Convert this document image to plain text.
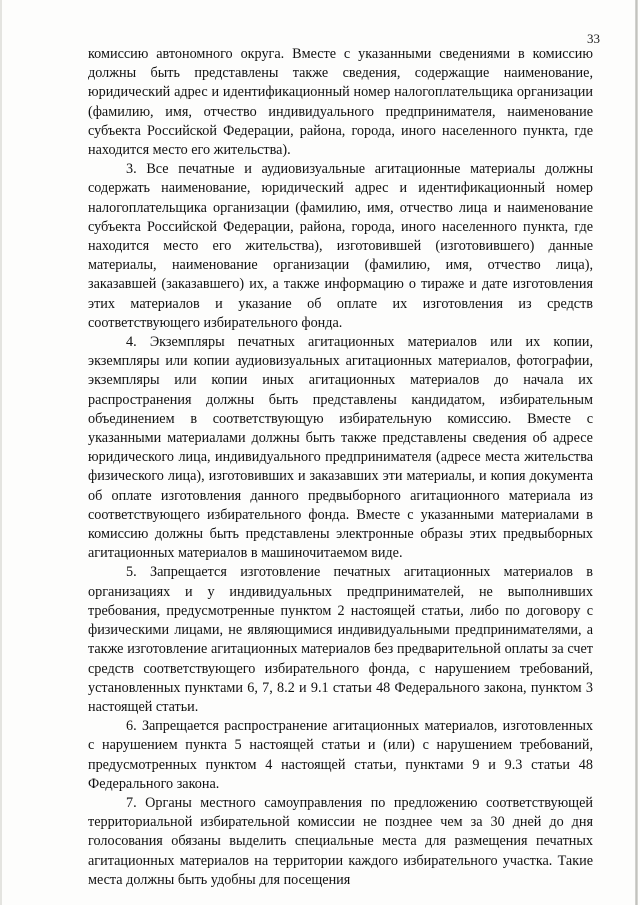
33

комиссию автономного округа. Вместе с указанными сведениями в комиссию должны быть представлены также сведения, содержащие наименование, юридический адрес и идентификационный номер налогоплательщика организации (фамилию, имя, отчество индивидуального предпринимателя, наименование субъекта Российской Федерации, района, города, иного населенного пункта, где находится место его жительства).

3. Все печатные и аудиовизуальные агитационные материалы должны содержать наименование, юридический адрес и идентификационный номер налогоплательщика организации (фамилию, имя, отчество лица и наименование субъекта Российской Федерации, района, города, иного населенного пункта, где находится место его жительства), изготовившей (изготовившего) данные материалы, наименование организации (фамилию, имя, отчество лица), заказавшей (заказавшего) их, а также информацию о тираже и дате изготовления этих материалов и указание об оплате их изготовления из средств соответствующего избирательного фонда.

4. Экземпляры печатных агитационных материалов или их копии, экземпляры или копии аудиовизуальных агитационных материалов, фотографии, экземпляры или копии иных агитационных материалов до начала их распространения должны быть представлены кандидатом, избирательным объединением в соответствующую избирательную комиссию. Вместе с указанными материалами должны быть также представлены сведения об адресе юридического лица, индивидуального предпринимателя (адресе места жительства физического лица), изготовивших и заказавших эти материалы, и копия документа об оплате изготовления данного предвыборного агитационного материала из соответствующего избирательного фонда. Вместе с указанными материалами в комиссию должны быть представлены электронные образы этих предвыборных агитационных материалов в машиночитаемом виде.

5. Запрещается изготовление печатных агитационных материалов в организациях и у индивидуальных предпринимателей, не выполнивших требования, предусмотренные пунктом 2 настоящей статьи, либо по договору с физическими лицами, не являющимися индивидуальными предпринимателями, а также изготовление агитационных материалов без предварительной оплаты за счет средств соответствующего избирательного фонда, с нарушением требований, установленных пунктами 6, 7, 8.2 и 9.1 статьи 48 Федерального закона, пунктом 3 настоящей статьи.

6. Запрещается распространение агитационных материалов, изготовленных с нарушением пункта 5 настоящей статьи и (или) с нарушением требований, предусмотренных пунктом 4 настоящей статьи, пунктами 9 и 9.3 статьи 48 Федерального закона.

7. Органы местного самоуправления по предложению соответствующей территориальной избирательной комиссии не позднее чем за 30 дней до дня голосования обязаны выделить специальные места для размещения печатных агитационных материалов на территории каждого избирательного участка. Такие места должны быть удобны для посещения
